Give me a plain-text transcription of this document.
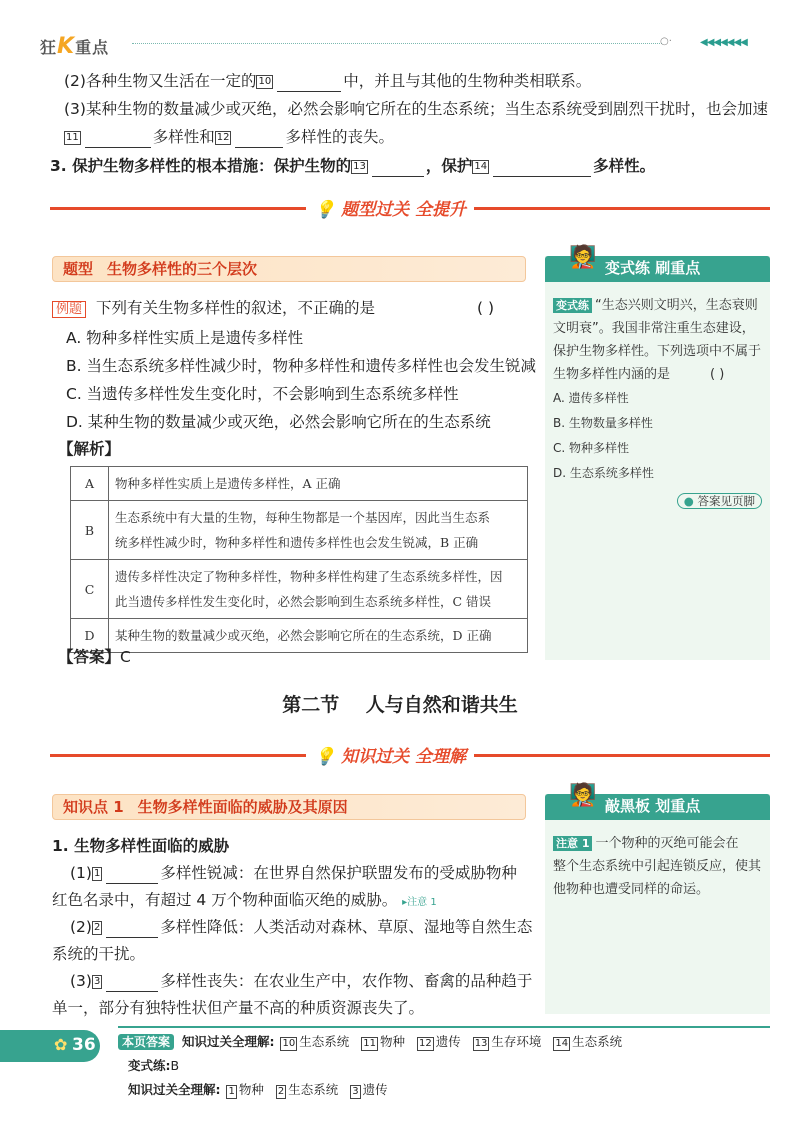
狂K重点	○·	◀◀◀◀◀◀◀
(2)各种生物又生活在一定的 10	中，并且与其他的生物种类相联系。
(3)某种生物的数量减少或灭绝，必然会影响它所在的生态系统；当生态系统受到剧烈干扰时，也会加速
11	多样性和 12	多样性的丧失。
3. 保护生物多样性的根本措施：保护生物的 13	，保护 14	多样性。
💡 题型过关 全提升
题型 生物多样性的三个层次
例题 下列有关生物多样性的叙述，不正确的是	( )
A. 物种多样性实质上是遗传多样性
B. 当生态系统多样性减少时，物种多样性和遗传多样性也会发生锐减
C. 当遗传多样性发生变化时，不会影响到生态系统多样性
D. 某种生物的数量减少或灭绝，必然会影响它所在的生态系统
【解析】
A	物种多样性实质上是遗传多样性，A 正确
B	生态系统中有大量的生物，每种生物都是一个基因库，因此当生态系
统多样性减少时，物种多样性和遗传多样性也会发生锐减，B 正确

C	遗传多样性决定了物种多样性，物种多样性构建了生态系统多样性，因
此当遗传多样性发生变化时，必然会影响到生态系统多样性，C 错误

D	某种生物的数量减少或灭绝，必然会影响它所在的生态系统，D 正确
【答案】C
🧑‍🏫 变式练 刷重点
变式练 “生态兴则文明兴，生态衰则
文明衰”。我国非常注重生态建设，
保护生物多样性。下列选项中不属于
生物多样性内涵的是	( )
A. 遗传多样性
B. 生物数量多样性
C. 物种多样性
D. 生态系统多样性
● 答案见页脚
第二节    人与自然和谐共生
💡 知识过关 全理解
知识点 1 生物多样性面临的威胁及其原因
1. 生物多样性面临的威胁
(1) 1	多样性锐减：在世界自然保护联盟发布的受威胁物种
红色名录中，有超过 4 万个物种面临灭绝的威胁。 ▸注意 1
(2) 2	多样性降低：人类活动对森林、草原、湿地等自然生态
系统的干扰。
(3) 3	多样性丧失：在农业生产中，农作物、畜禽的品种趋于
单一，部分有独特性状但产量不高的种质资源丧失了。
🧑‍🏫 敲黑板 划重点
注意 1 一个物种的灭绝可能会在
整个生态系统中引起连锁反应，使其
他物种也遭受同样的命运。
✿ 36	本页答案 知识过关全理解: 10 生态系统 11 物种 12 遗传 13 生存环境 14 生态系统
变式练:B
知识过关全理解: 1 物种 2 生态系统 3 遗传
